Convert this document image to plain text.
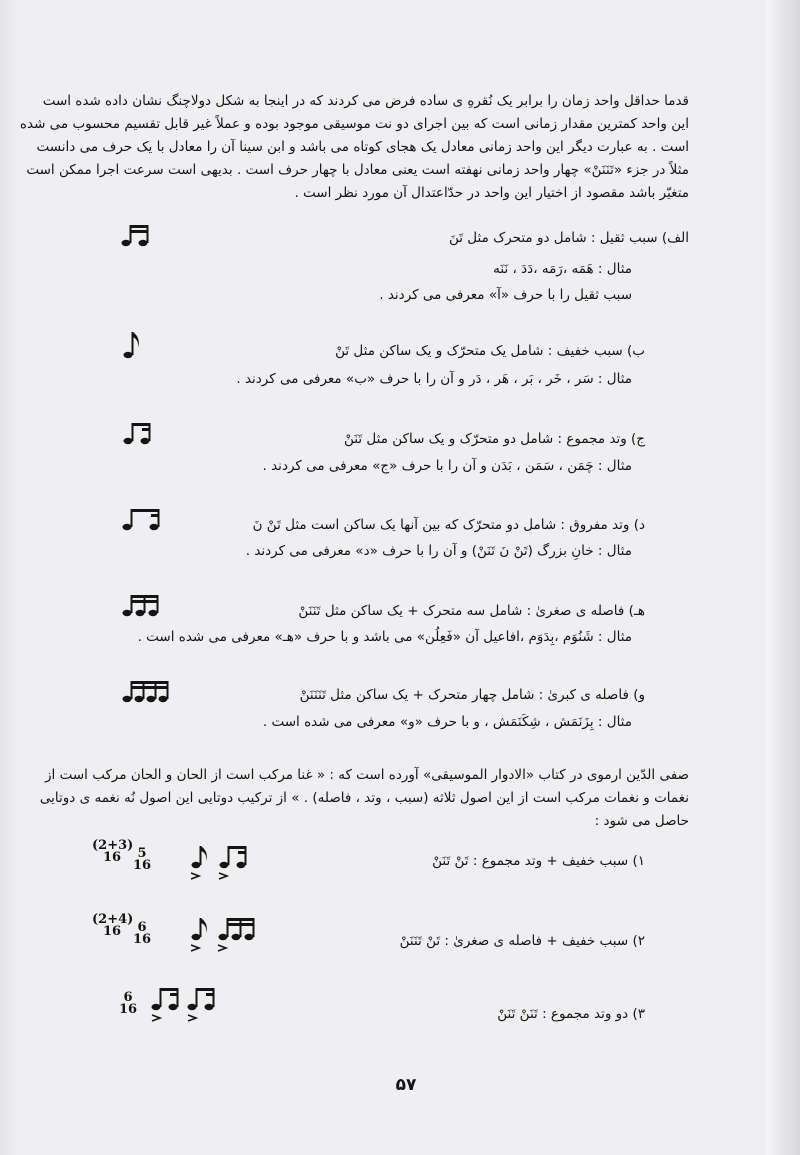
قدما حداقل واحد زمان را برابر یک نُقرهِ ی ساده فرض می کردند که در اینجا به شکل دولاچنگ نشان داده شده است
این واحد کمترین مقدار زمانی است که بین اجرای دو نت موسیقی موجود بوده و عملاً غیر قابل تقسیم محسوب می شده
است . به عبارت دیگر این واحد زمانی معادل یک هجای کوتاه می باشد و ابن سینا آن را معادل با یک حرف می دانست
مثلاً در جزء «تَنَنَنْ» چهار واحد زمانی نهفته است یعنی معادل با چهار حرف است . بدیهی است سرعت اجرا ممکن است
متغیّر باشد مقصود از اختیار این واحد در حدّاعتدال آن مورد نظر است .
الف) سبب ثقیل : شامل دو متحرک مثل تَنَ
مثال : هَمَه ،رَمَه ،دَدَ ، نَنَه
سبب ثقیل را با حرف «آ» معرفی می کردند .
ب) سبب خفیف : شامل یک متحرّک و یک ساکن مثل تَنْ
مثال : سَر ، خَر ، بَر ، هَر ، دَر و آن را با حرف «ب» معرفی می کردند .
ج) وتد مجموع : شامل دو متحرّک و یک ساکن مثل تَنَنْ
مثال : چَمَن ، سَمَن ، بَدَن و آن را با حرف «ج» معرفی می کردند .
د) وتد مفروق : شامل دو متحرّک که بین آنها یک ساکن است مثل تَنْ نَ
مثال : خانِ بزرگ (تَنْ نَ تَنَنْ) و آن را با حرف «د» معرفی می کردند .
هـ) فاصله ی صغریٰ : شامل سه متحرک + یک ساکن مثل تَنَنَنْ
مثال : شَنُوَم ،بِدَوَم ،افاعیل آن «فَعِلُن» می باشد و با حرف «هـ» معرفی می شده است .
و) فاصله ی کبریٰ : شامل چهار متحرک + یک ساکن مثل تَنَنَنَنْ
مثال : بِزَنَمَش ، شِکَنَمَش ، و با حرف «و» معرفی می شده است .
صفی الدّین ارموی در کتاب «الادوار الموسیقی» آورده است که : « غنا مرکب است از الحان و الحان مرکب است از
نغمات و نغمات مرکب است از این اصول ثلاثه (سبب ، وتد ، فاصله) . » از ترکیب دوتایی این اصول نُه نغمه ی دوتایی
حاصل می شود :
۱) سبب خفیف + وتد مجموع : تَنْ تَنَنْ
5
16
(2+3)
16
۲) سبب خفیف + فاصله ی صغریٰ : تَنْ تَنَنَنْ
6
16
(2+4)
16
۳) دو وتد مجموع : تَنَنْ تَنَنْ
6
16
۵۷
